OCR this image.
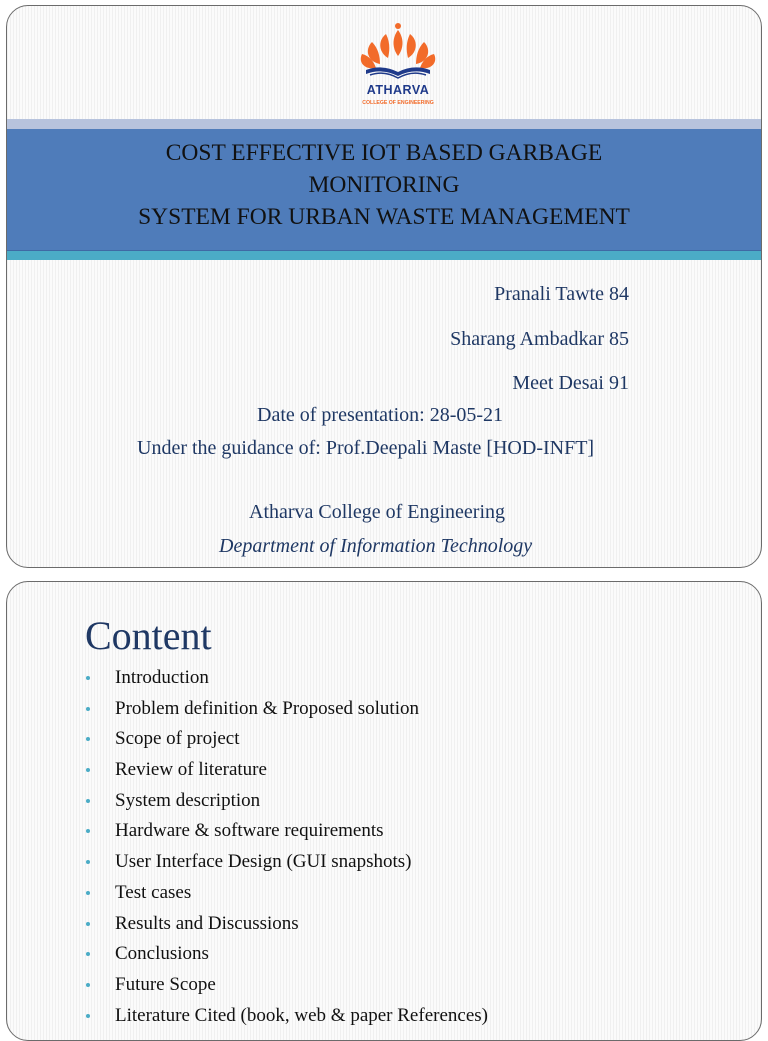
ATHARVA
COLLEGE OF ENGINEERING
COST EFFECTIVE IOT BASED GARBAGE
MONITORING
SYSTEM FOR URBAN WASTE MANAGEMENT
Pranali Tawte 84
Sharang Ambadkar 85
Meet Desai 91
Date of presentation: 28-05-21
Under the guidance of: Prof.Deepali Maste [HOD-INFT]
Atharva College of Engineering
Department of Information Technology
Content
Introduction
Problem definition & Proposed solution
Scope of project
Review of literature
System description
Hardware & software requirements
User Interface Design (GUI snapshots)
Test cases
Results and Discussions
Conclusions
Future Scope
Literature Cited (book, web & paper References)
